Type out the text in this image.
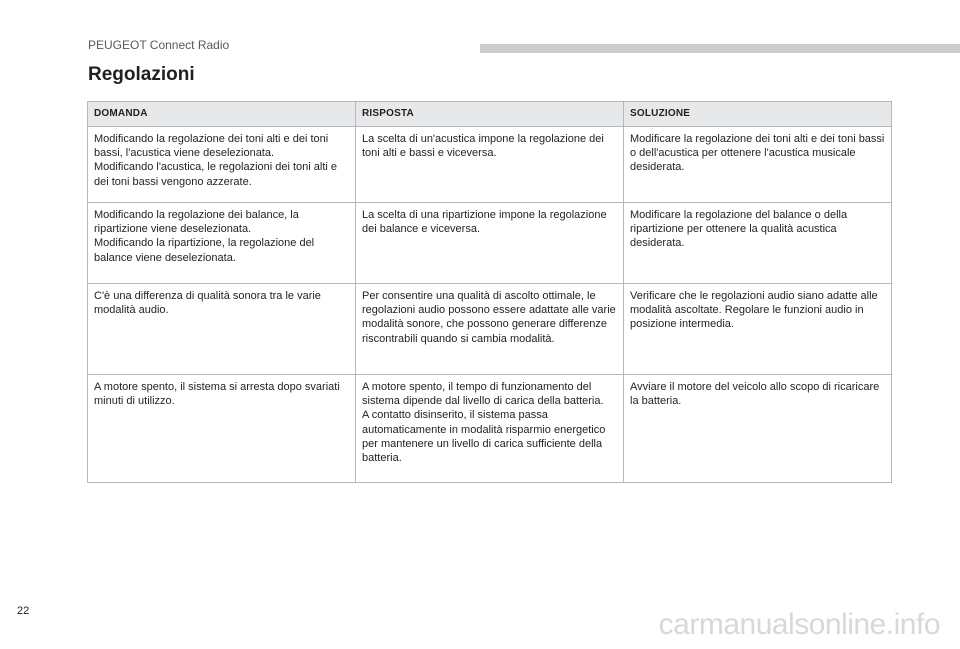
PEUGEOT Connect Radio
Regolazioni
DOMANDA	RISPOSTA	SOLUZIONE

Modificando la regolazione dei toni alti e dei toni bassi, l'acustica viene deselezionata.
Modificando l'acustica, le regolazioni dei toni alti e dei toni bassi vengono azzerate.	La scelta di un'acustica impone la regolazione dei toni alti e bassi e viceversa.	Modificare la regolazione dei toni alti e dei toni bassi o dell'acustica per ottenere l'acustica musicale desiderata.

Modificando la regolazione dei balance, la ripartizione viene deselezionata.
Modificando la ripartizione, la regolazione del balance viene deselezionata.	La scelta di una ripartizione impone la regolazione dei balance e viceversa.	Modificare la regolazione del balance o della ripartizione per ottenere la qualità acustica desiderata.

C'è una differenza di qualità sonora tra le varie modalità audio.	Per consentire una qualità di ascolto ottimale, le regolazioni audio possono essere adattate alle varie modalità sonore, che possono generare differenze riscontrabili quando si cambia modalità.	Verificare che le regolazioni audio siano adatte alle modalità ascoltate. Regolare le funzioni audio in posizione intermedia.

A motore spento, il sistema si arresta dopo svariati minuti di utilizzo.	A motore spento, il tempo di funzionamento del sistema dipende dal livello di carica della batteria.
A contatto disinserito, il sistema passa automaticamente in modalità risparmio energetico per mantenere un livello di carica sufficiente della batteria.	Avviare il motore del veicolo allo scopo di ricaricare la batteria.
22	carmanualsonline.info
